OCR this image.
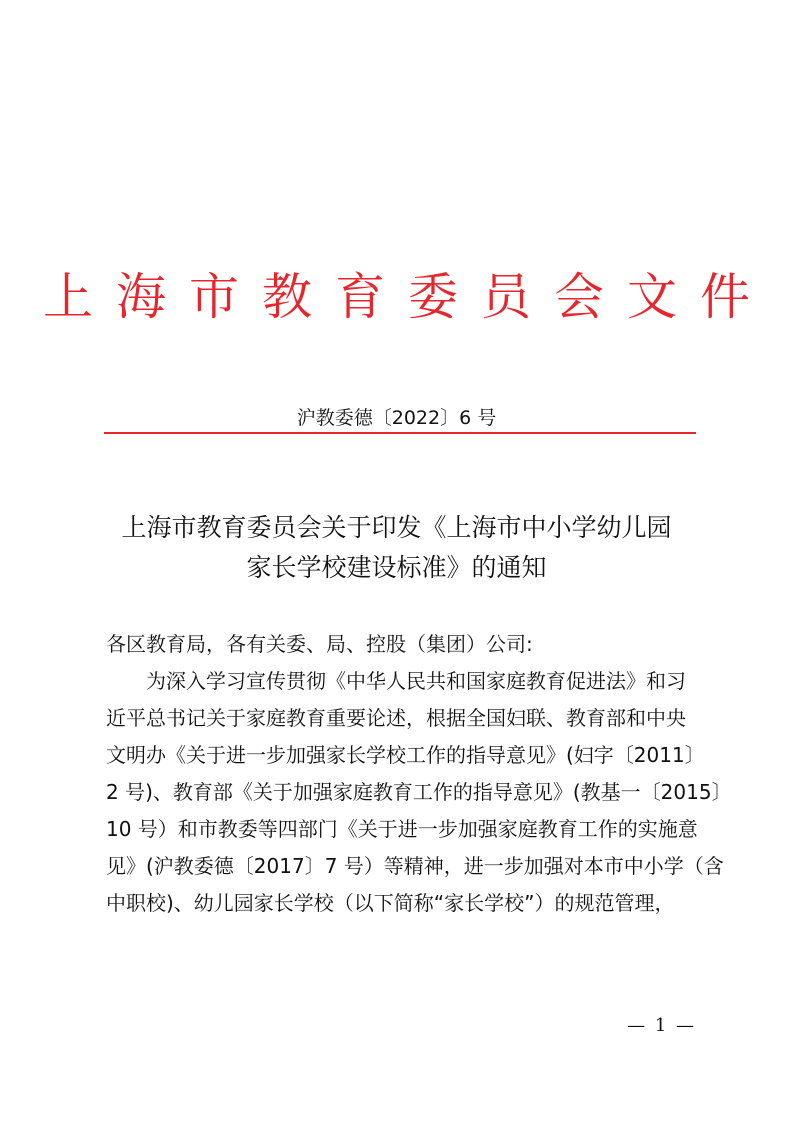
上海市教育委员会文件
沪教委德〔2022〕6 号
上海市教育委员会关于印发《上海市中小学幼儿园
家长学校建设标准》的通知
各区教育局，各有关委、局、控股（集团）公司:
为深入学习宣传贯彻《中华人民共和国家庭教育促进法》和习
近平总书记关于家庭教育重要论述，根据全国妇联、教育部和中央
文明办《关于进一步加强家长学校工作的指导意见》(妇字〔2011〕
2 号)、教育部《关于加强家庭教育工作的指导意见》(教基一〔2015〕
10 号）和市教委等四部门《关于进一步加强家庭教育工作的实施意
见》(沪教委德〔2017〕7 号）等精神，进一步加强对本市中小学（含
中职校)、幼儿园家长学校（以下简称“家长学校”）的规范管理，
— 1 —
